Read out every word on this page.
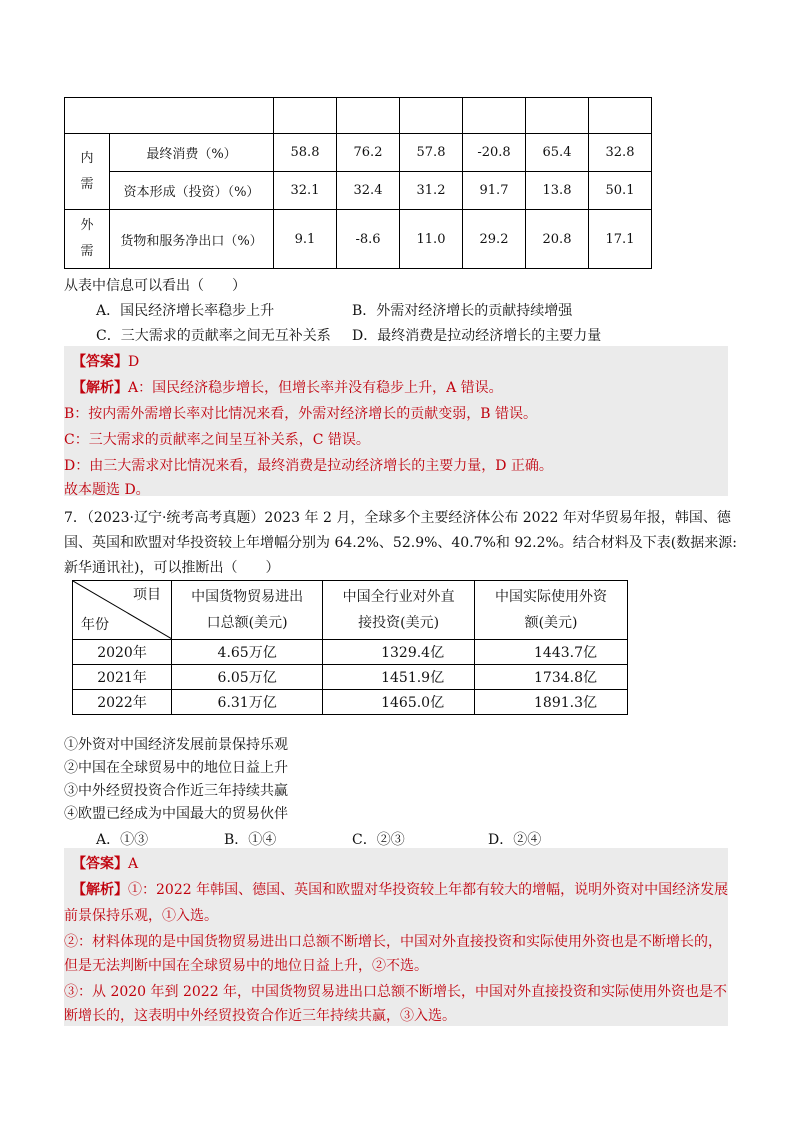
内
需	最终消费（%）	58.8	76.2	57.8	-20.8	65.4	32.8
	资本形成（投资）（%）	32.1	32.4	31.2	91.7	13.8	50.1
外
需	货物和服务净出口（%）	9.1	-8.6	11.0	29.2	20.8	17.1
从表中信息可以看出（　　）
A．国民经济增长率稳步上升	B．外需对经济增长的贡献持续增强
C．三大需求的贡献率之间无互补关系 D．最终消费是拉动经济增长的主要力量
【答案】D
【解析】A：国民经济稳步增长，但增长率并没有稳步上升，A 错误。
B：按内需外需增长率对比情况来看，外需对经济增长的贡献变弱，B 错误。
C：三大需求的贡献率之间呈互补关系，C 错误。
D：由三大需求对比情况来看，最终消费是拉动经济增长的主要力量，D 正确。
故本题选 D。
7．（2023·辽宁·统考高考真题）2023 年 2 月，全球多个主要经济体公布 2022 年对华贸易年报，韩国、德
国、英国和欧盟对华投资较上年增幅分别为 64.2%、52.9%、40.7%和 92.2%。结合材料及下表(数据来源:
新华通讯社)，可以推断出（　　）
项目
年份	中国货物贸易进出
口总额(美元)	中国全行业对外直
接投资(美元)	中国实际使用外资
额(美元)
2020年	4.65万亿	1329.4亿	1443.7亿
2021年	6.05万亿	1451.9亿	1734.8亿
2022年	6.31万亿	1465.0亿	1891.3亿
①外资对中国经济发展前景保持乐观
②中国在全球贸易中的地位日益上升
③中外经贸投资合作近三年持续共赢
④欧盟已经成为中国最大的贸易伙伴
A．①③	B．①④	C．②③	D．②④
【答案】A
【解析】①：2022 年韩国、德国、英国和欧盟对华投资较上年都有较大的增幅，说明外资对中国经济发展
前景保持乐观，①入选。
②：材料体现的是中国货物贸易进出口总额不断增长，中国对外直接投资和实际使用外资也是不断增长的，
但是无法判断中国在全球贸易中的地位日益上升，②不选。
③：从 2020 年到 2022 年，中国货物贸易进出口总额不断增长，中国对外直接投资和实际使用外资也是不
断增长的，这表明中外经贸投资合作近三年持续共赢，③入选。
